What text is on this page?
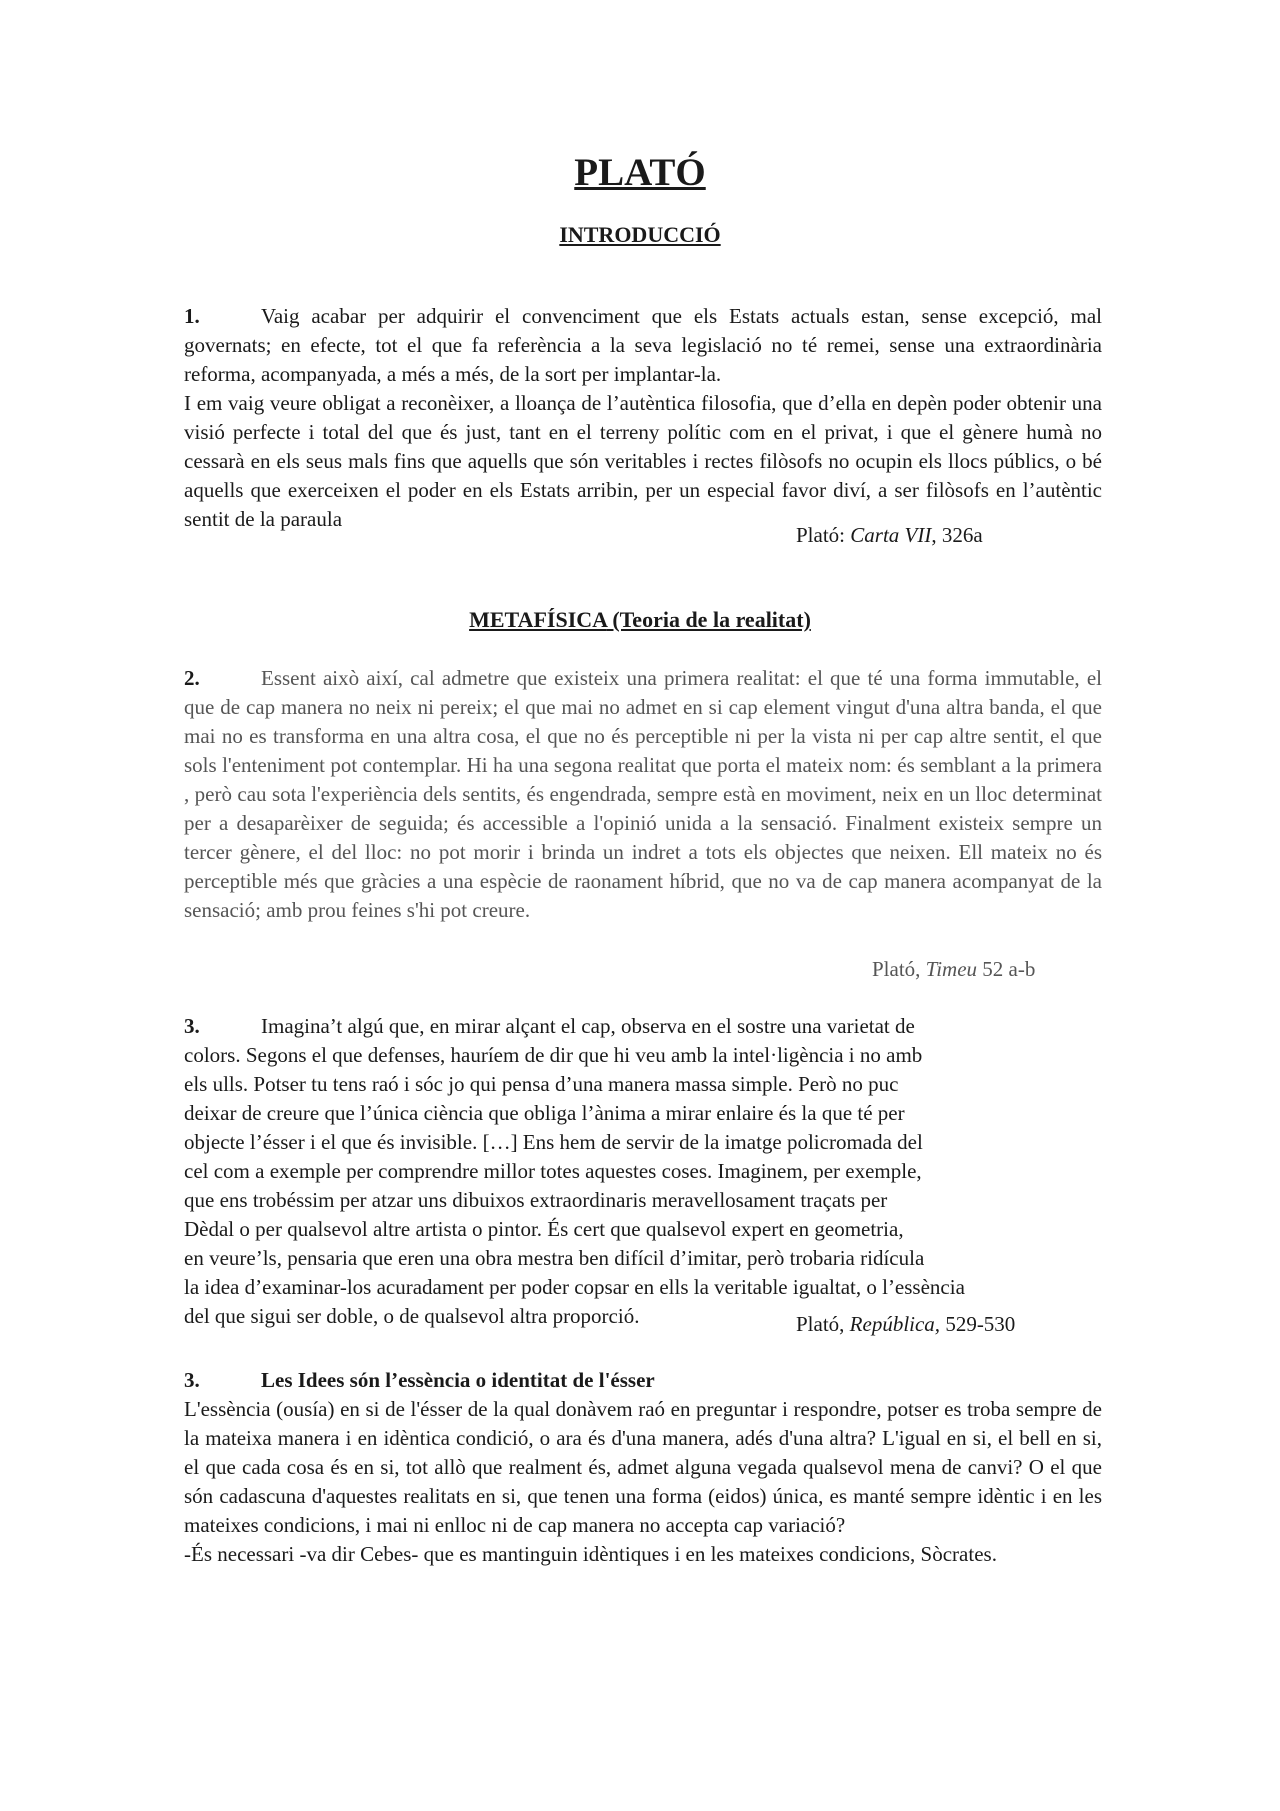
PLATÓ
INTRODUCCIÓ
1.	Vaig acabar per adquirir el convenciment que els Estats actuals estan, sense excepció, mal governats; en efecte, tot el que fa referència a la seva legislació no té remei, sense una extraordinària reforma, acompanyada, a més a més, de la sort per implantar-la.
I em vaig veure obligat a reconèixer, a lloança de l’autèntica filosofia, que d’ella en depèn poder obtenir una visió perfecte i total del que és just, tant en el terreny polític com en el privat, i que el gènere humà no cessarà en els seus mals fins que aquells que són veritables i rectes filòsofs no ocupin els llocs públics, o bé aquells que exerceixen el poder en els Estats arribin, per un especial favor diví, a ser filòsofs en l’autèntic sentit de la paraula

Plató: Carta VII, 326a

METAFÍSICA (Teoria de la realitat)
2.	Essent això així, cal admetre que existeix una primera realitat: el que té una forma immutable, el que de cap manera no neix ni pereix; el que mai no admet en si cap element vingut d'una altra banda, el que mai no es transforma en una altra cosa, el que no és perceptible ni per la vista ni per cap altre sentit, el que sols l'enteniment pot contemplar. Hi ha una segona realitat que porta el mateix nom: és semblant a la primera , però cau sota l'experiència dels sentits, és engendrada, sempre està en moviment, neix en un lloc determinat per a desaparèixer de seguida; és accessible a l'opinió unida a la sensació. Finalment existeix sempre un tercer gènere, el del lloc: no pot morir i brinda un indret a tots els objectes que neixen. Ell mateix no és perceptible més que gràcies a una espècie de raonament híbrid, que no va de cap manera acompanyat de la sensació; amb prou feines s'hi pot creure.

Plató, Timeu 52 a-b

3.	Imagina’t algú que, en mirar alçant el cap, observa en el sostre una varietat de
colors. Segons el que defenses, hauríem de dir que hi veu amb la intel·ligència i no amb
els ulls. Potser tu tens raó i sóc jo qui pensa d’una manera massa simple. Però no puc
deixar de creure que l’única ciència que obliga l’ànima a mirar enlaire és la que té per
objecte l’ésser i el que és invisible. […] Ens hem de servir de la imatge policromada del
cel com a exemple per comprendre millor totes aquestes coses. Imaginem, per exemple,
que ens trobéssim per atzar uns dibuixos extraordinaris meravellosament traçats per
Dèdal o per qualsevol altre artista o pintor. És cert que qualsevol expert en geometria,
en veure’ls, pensaria que eren una obra mestra ben difícil d’imitar, però trobaria ridícula
la idea d’examinar-los acuradament per poder copsar en ells la veritable igualtat, o l’essència
del que sigui ser doble, o de qualsevol altra proporció.	Plató, República, 529-530

3.	Les Idees són l’essència o identitat de l'ésser
L'essència (ousía) en si de l'ésser de la qual donàvem raó en preguntar i respondre, potser es troba sempre de la mateixa manera i en idèntica condició, o ara és d'una manera, adés d'una altra? L'igual en si, el bell en si, el que cada cosa és en si, tot allò que realment és, admet alguna vegada qualsevol mena de canvi? O el que són cadascuna d'aquestes realitats en si, que tenen una forma (eidos) única, es manté sempre idèntic i en les mateixes condicions, i mai ni enlloc ni de cap manera no accepta cap variació?
-És necessari -va dir Cebes- que es mantinguin idèntiques i en les mateixes condicions, Sòcrates.
